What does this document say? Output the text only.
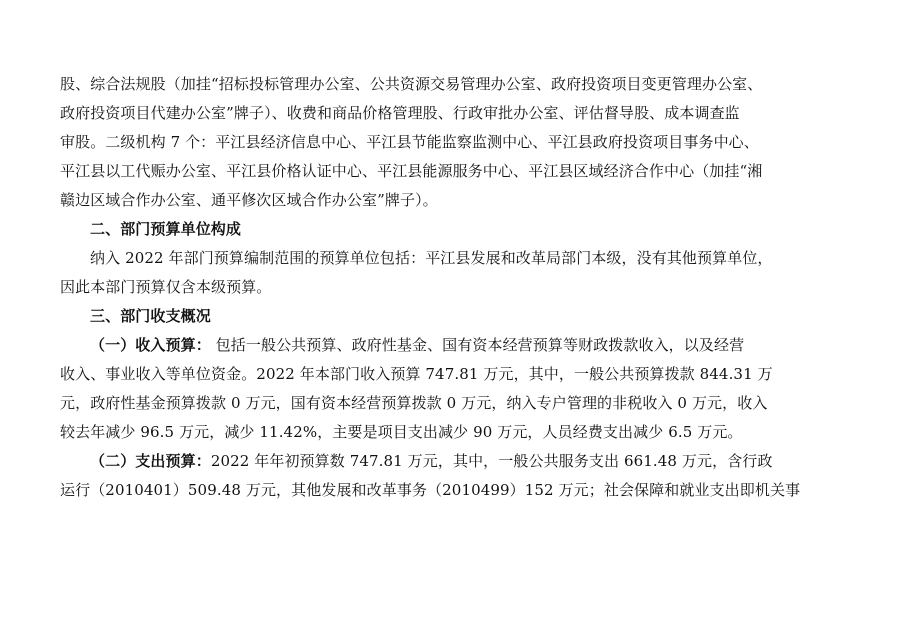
股、综合法规股（加挂“招标投标管理办公室、公共资源交易管理办公室、政府投资项目变更管理办公室、
政府投资项目代建办公室”牌子）、收费和商品价格管理股、行政审批办公室、评估督导股、成本调查监
审股。二级机构 7 个：平江县经济信息中心、平江县节能监察监测中心、平江县政府投资项目事务中心、
平江县以工代赈办公室、平江县价格认证中心、平江县能源服务中心、平江县区域经济合作中心（加挂“湘
赣边区域合作办公室、通平修次区域合作办公室”牌子）。
二、部门预算单位构成
纳入 2022 年部门预算编制范围的预算单位包括：平江县发展和改革局部门本级，没有其他预算单位，
因此本部门预算仅含本级预算。
三、部门收支概况
（一）收入预算： 包括一般公共预算、政府性基金、国有资本经营预算等财政拨款收入，以及经营
收入、事业收入等单位资金。2022 年本部门收入预算 747.81 万元，其中，一般公共预算拨款 844.31 万
元，政府性基金预算拨款 0 万元，国有资本经营预算拨款 0 万元，纳入专户管理的非税收入 0 万元，收入
较去年减少 96.5 万元，减少 11.42%，主要是项目支出减少 90 万元，人员经费支出减少 6.5 万元。
（二）支出预算：2022 年年初预算数 747.81 万元，其中，一般公共服务支出 661.48 万元，含行政
运行（2010401）509.48 万元，其他发展和改革事务（2010499）152 万元；社会保障和就业支出即机关事
